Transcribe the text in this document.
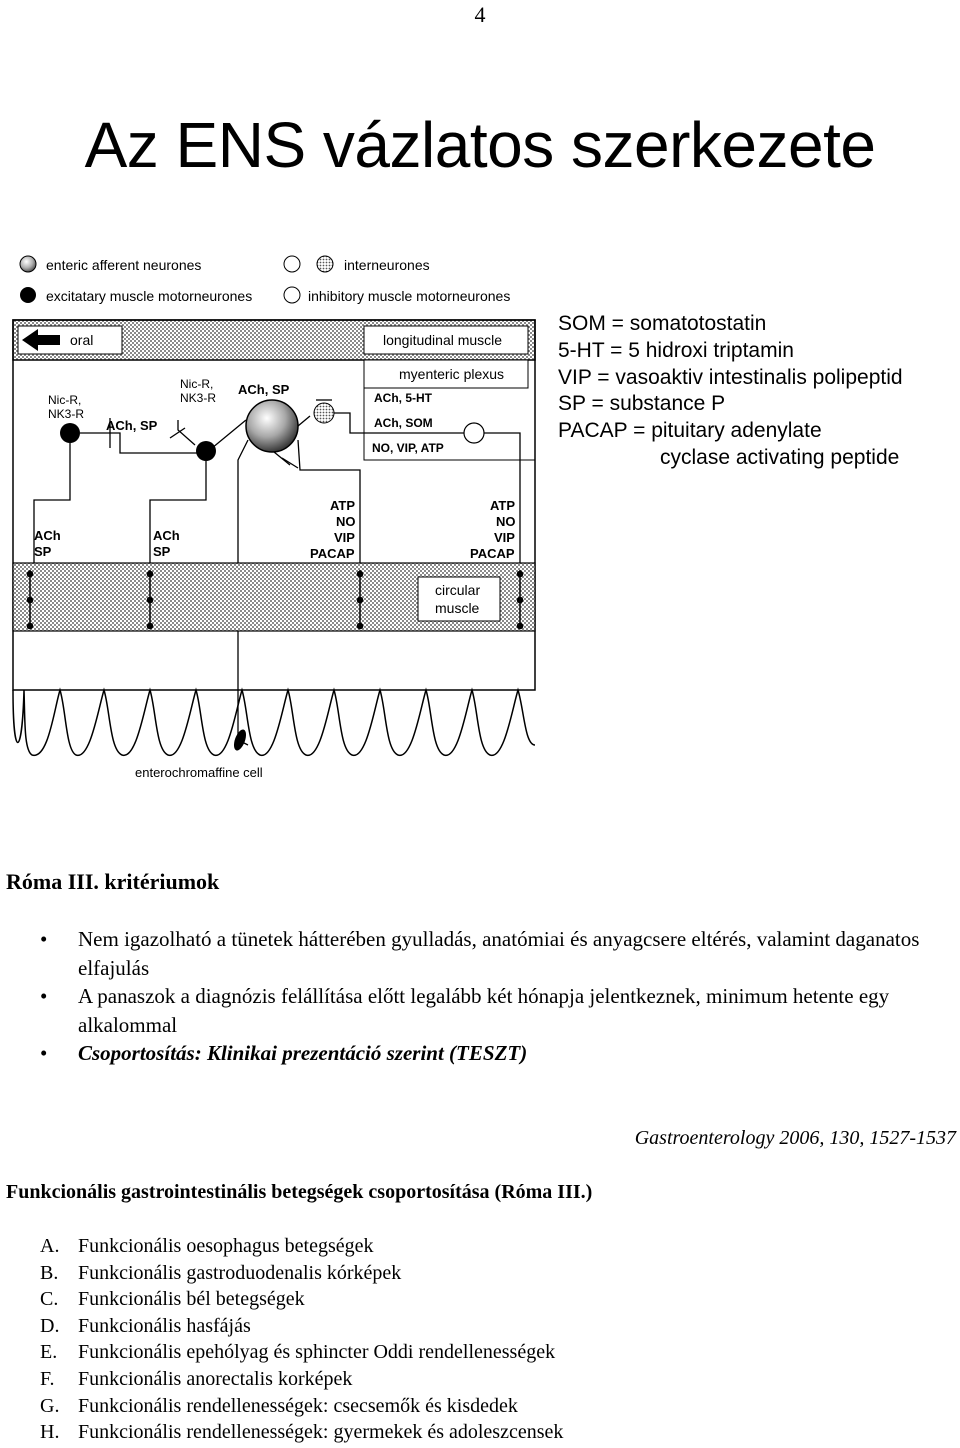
4
Az ENS vázlatos szerkezete
enteric afferent neurones	interneurones
excitatary muscle motorneurones	inhibitory muscle motorneurones
oral	longitudinal muscle
myenteric plexus
Nic-R,
NK3-R
Nic-R,
NK3-R
ACh, SP
ACh, SP
ACh, 5-HT
ACh, SOM
NO, VIP, ATP
ACh
SP
ACh
SP
ATP
NO
VIP
PACAP
ATP
NO
VIP
PACAP
circular
muscle
enterochromaffine cell
SOM = somatotostatin
5-HT = 5 hidroxi triptamin
VIP = vasoaktiv intestinalis polipeptid
SP = substance P
PACAP = pituitary adenylate
cyclase activating peptide
Róma III. kritériumok
• Nem igazolható a tünetek hátterében gyulladás, anatómiai és anyagcsere eltérés, valamint daganatos elfajulás
• A panaszok a diagnózis felállítása előtt legalább két hónapja jelentkeznek, minimum hetente egy alkalommal
• Csoportosítás: Klinikai prezentáció szerint (TESZT)
Gastroenterology 2006, 130, 1527-1537
Funkcionális gastrointestinális betegségek csoportosítása (Róma III.)
A. Funkcionális oesophagus betegségek
B. Funkcionális gastroduodenalis kórképek
C. Funkcionális bél betegségek
D. Funkcionális hasfájás
E. Funkcionális epehólyag és sphincter Oddi rendellenességek
F. Funkcionális anorectalis korképek
G. Funkcionális rendellenességek: csecsemők és kisdedek
H. Funkcionális rendellenességek: gyermekek és adoleszcensek
